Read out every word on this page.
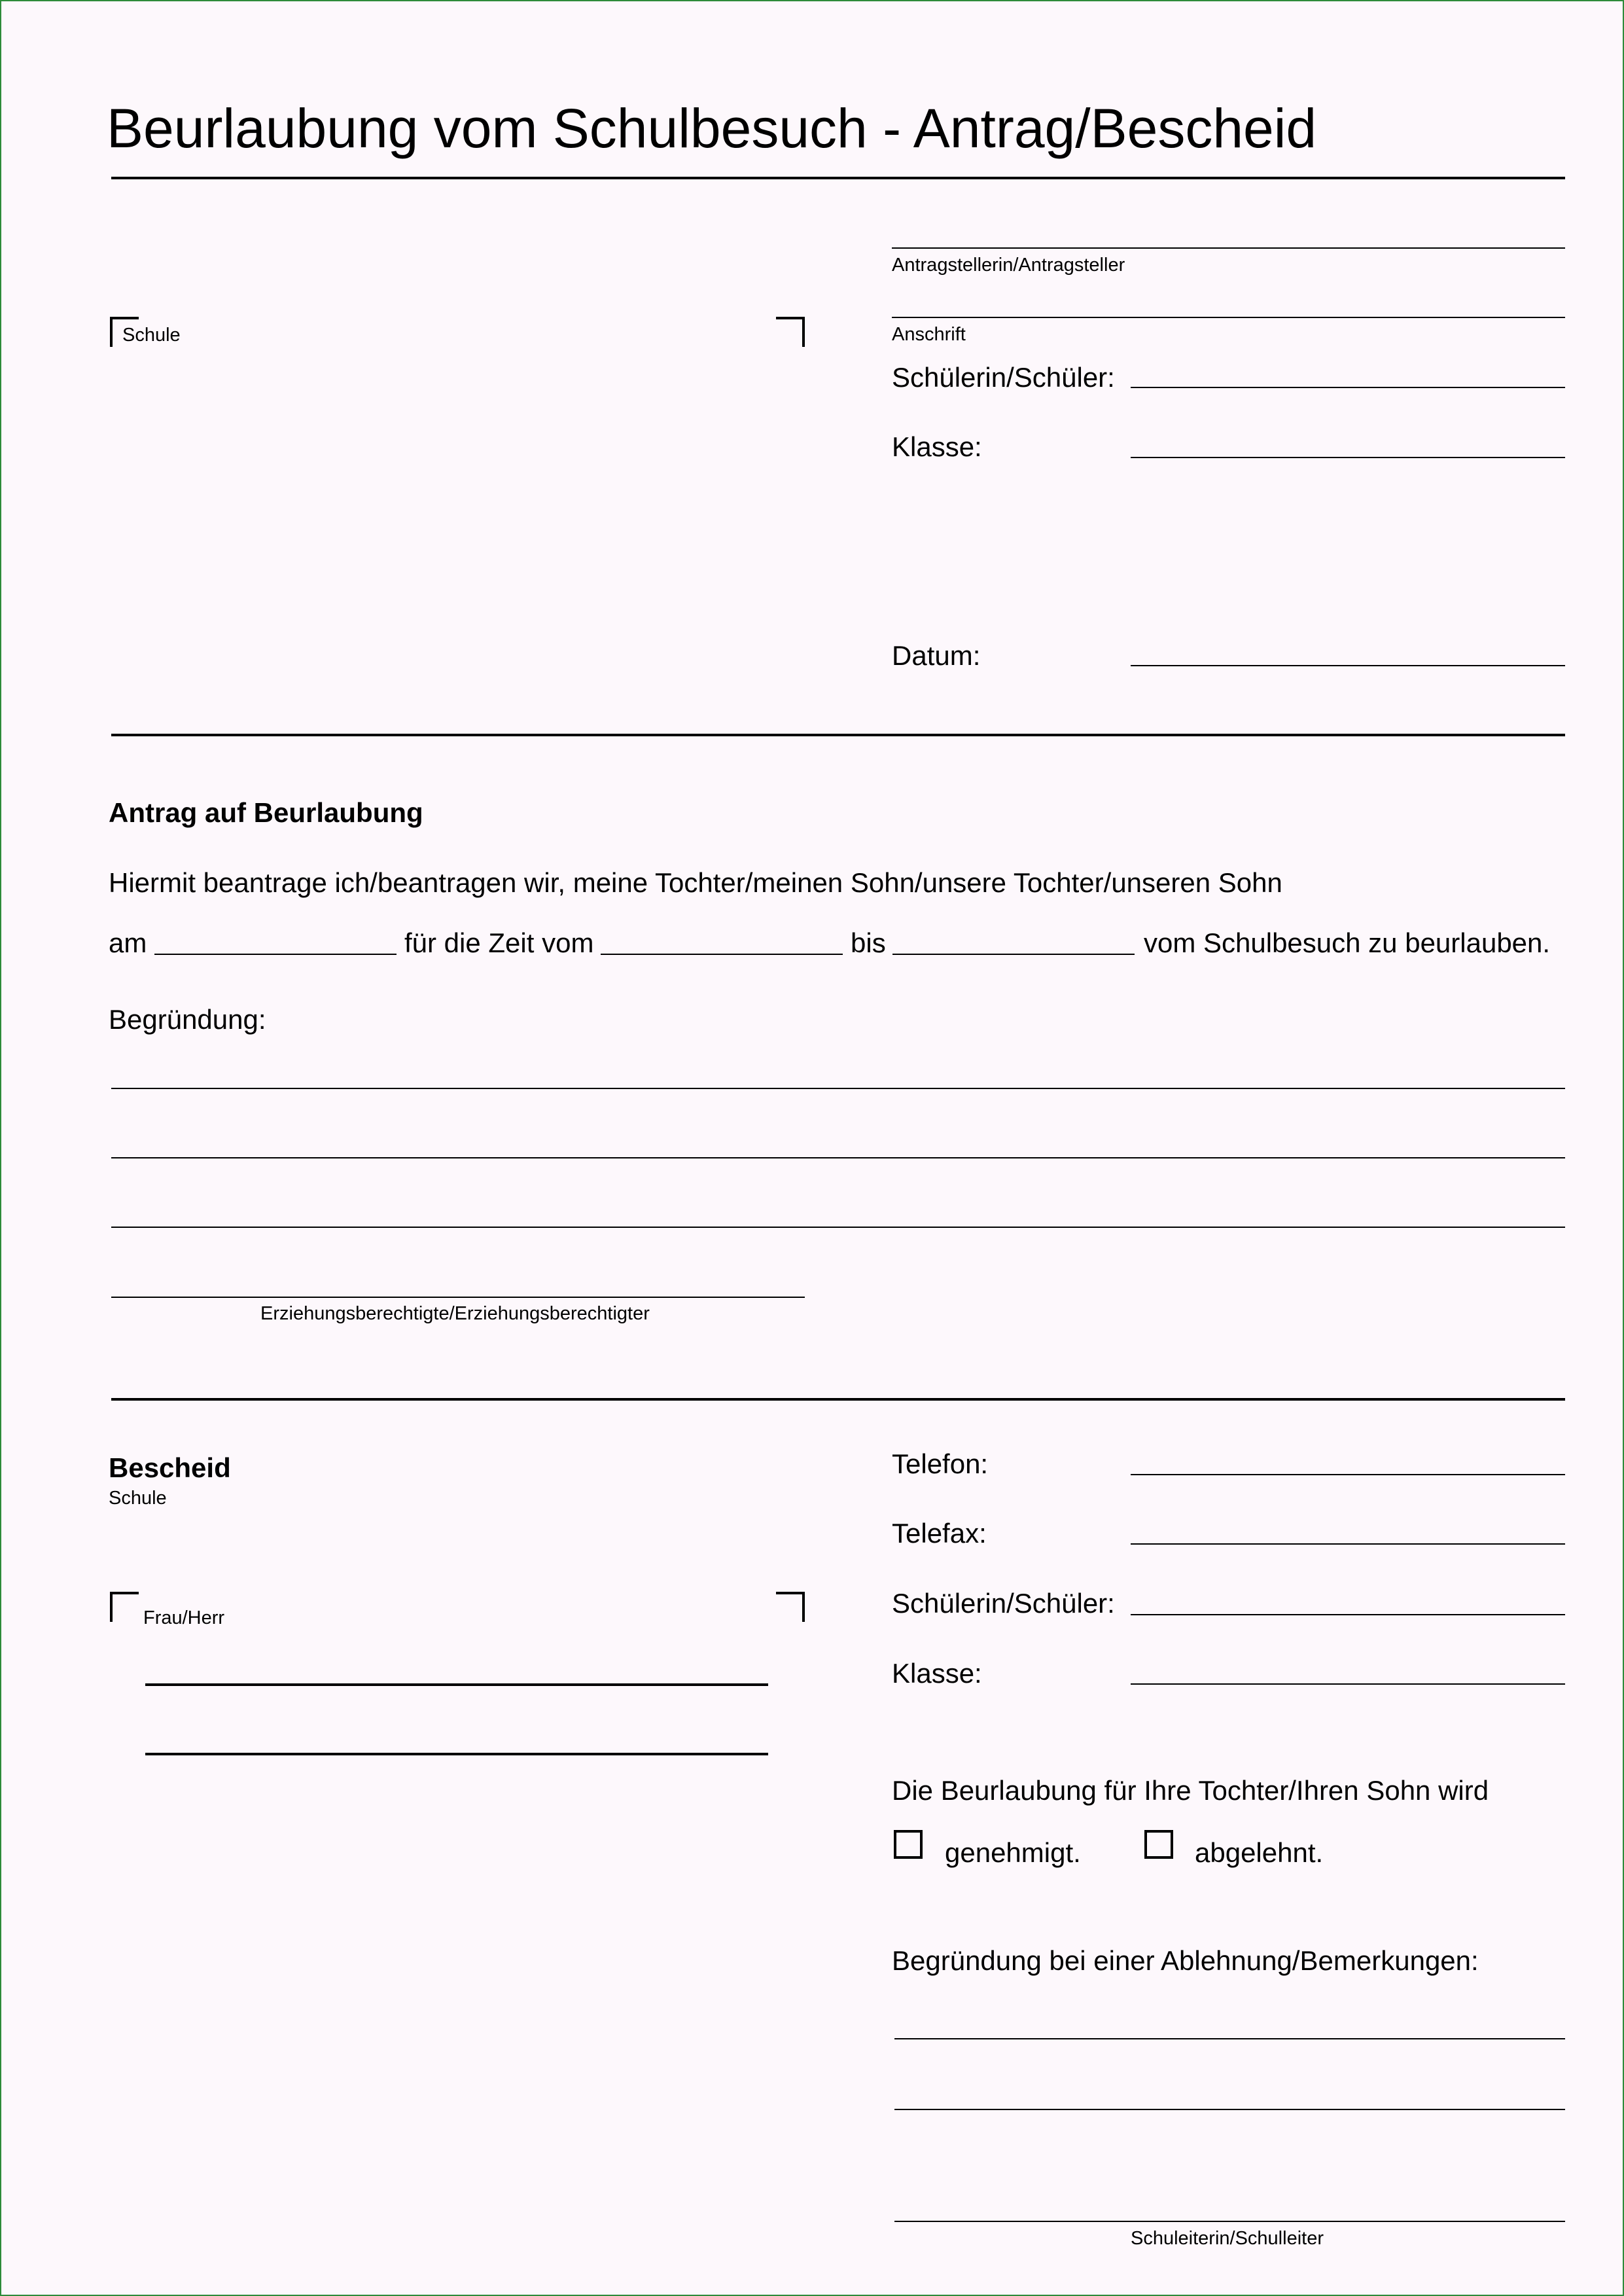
Beurlaubung vom Schulbesuch - Antrag/Bescheid
Antragstellerin/Antragsteller
Anschrift
Schülerin/Schüler:
Klasse:
Datum:
Schule
Antrag auf Beurlaubung
Hiermit beantrage ich/beantragen wir, meine Tochter/meinen Sohn/unsere Tochter/unseren Sohn
am	für die Zeit vom	bis	vom Schulbesuch zu beurlauben.
Begründung:
Erziehungsberechtigte/Erziehungsberechtigter
Bescheid
Schule
Frau/Herr
Telefon:
Telefax:
Schülerin/Schüler:
Klasse:
Die Beurlaubung für Ihre Tochter/Ihren Sohn wird
genehmigt.	abgelehnt.
Begründung bei einer Ablehnung/Bemerkungen:
Schuleiterin/Schulleiter
